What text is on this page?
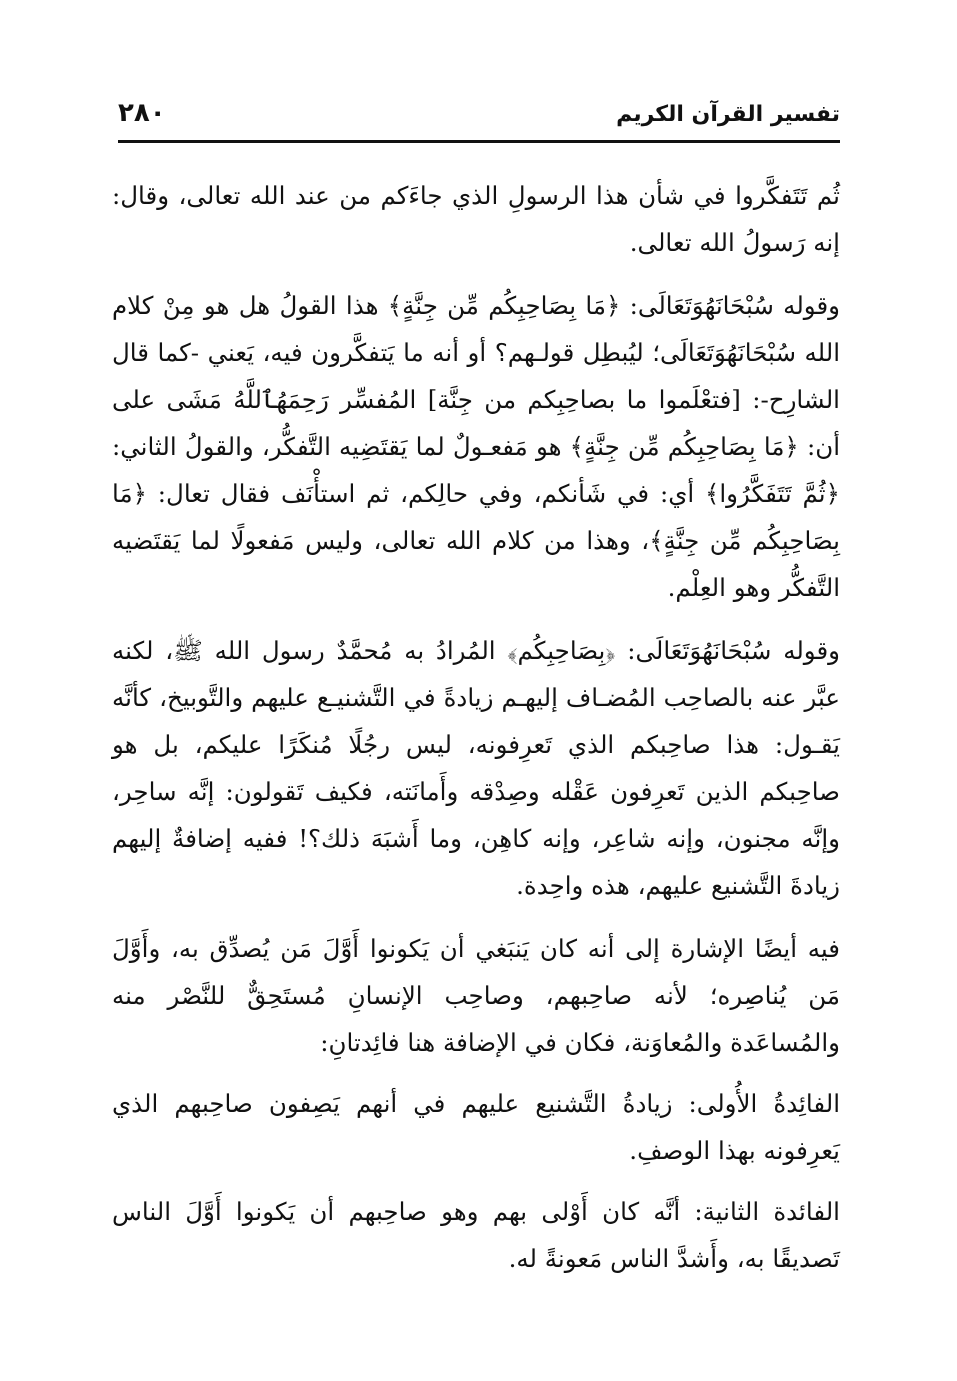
تفسير القرآن الكريم
٢٨٠

ثُم تَتَفكَّروا في شأن هذا الرسولِ الذي جاءَكم من عند الله تعالى، وقال: إنه رَسولُ الله تعالى.

وقوله سُبْحَانَهُوَتَعَالَى: ﴿مَا بِصَاحِبِكُم مِّن جِنَّةٍ﴾ هذا القولُ هل هو مِنْ كلام الله سُبْحَانَهُوَتَعَالَى؛ ليُبطِل قولـهم؟ أو أنه ما يَتفكَّرون فيه، يَعني -كما قال الشارِح-: [فتعْلَموا ما بصاحِبِكم من جِنَّة] المُفسِّر رَحِمَهُٱللَّهُ مَشَى على أن: ﴿مَا بِصَاحِبِكُم مِّن جِنَّةٍ﴾ هو مَفعـولٌ لما يَقتَضِيه التَّفكُّر، والقولُ الثاني: ﴿ثُمَّ تَتَفَكَّرُوا﴾ أي: في شَأنكم، وفي حالِكم، ثم استأْنَف فقال تعال: ﴿مَا بِصَاحِبِكُم مِّن جِنَّةٍ﴾، وهذا من كلام الله تعالى، وليس مَفعولًا لما يَقتَضيه التَّفكُّر وهو العِلْم.

وقوله سُبْحَانَهُوَتَعَالَى: ﴿بِصَاحِبِكُم﴾ المُرادُ به مُحمَّدٌ رسول الله ﷺ، لكنه عبَّر عنه بالصاحِب المُضـاف إليهـم زيادةً في التَّشنيـع عليهم والتَّوبيخ، كأنَّه يَقـول: هذا صاحِبكم الذي تَعرِفونه، ليس رجُلًا مُنكَرًا عليكم، بل هو صاحِبكم الذين تَعرِفون عَقْله وصِدْقه وأَمانَته، فكيف تَقولون: إنَّه ساحِر، وإنَّه مجنون، وإنه شاعِر، وإنه كاهِن، وما أَشبَهَ ذلك؟! ففيه إضافةٌ إليهم زيادةَ التَّشنيع عليهم، هذه واحِدة.

فيه أيضًا الإشارة إلى أنه كان يَنبَغي أن يَكونوا أَوَّلَ مَن يُصدِّق به، وأَوَّلَ مَن يُناصِره؛ لأنه صاحِبهم، وصاحِب الإنسانِ مُستَحِقٌّ للنَّصْر منه والمُساعَدة والمُعاوَنة، فكان في الإضافة هنا فائِدتانِ:

الفائِدةُ الأُولى: زيادةُ التَّشنيع عليهم في أنهم يَصِفون صاحِبهم الذي يَعرِفونه بهذا الوصفِ.

الفائدة الثانية: أنَّه كان أَوْلى بهم وهو صاحِبهم أن يَكونوا أَوَّلَ الناس تَصديقًا به، وأَشدَّ الناس مَعونةً له.
